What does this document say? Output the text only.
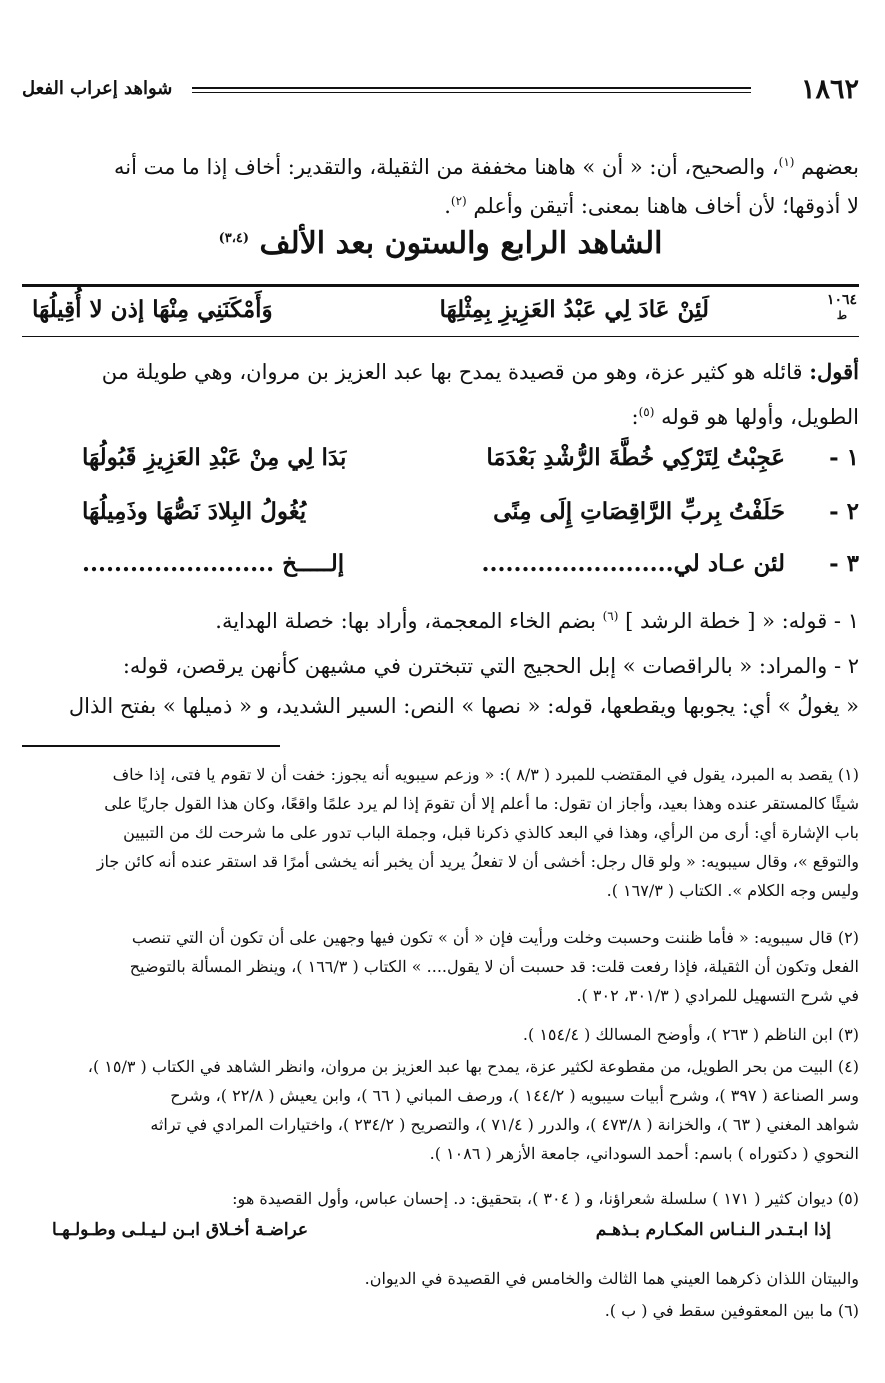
١٨٦٢
شواهد إعراب الفعل
بعضهم $^{(١)}$، والصحيح، أن: « أن » هاهنا مخففة من الثقيلة، والتقدير: أخاف إذا ما مت أنه
لا أذوقها؛ لأن أخاف هاهنا بمعنى: أتيقن وأعلم $^{(٢)}$.
الشاهد الرابع والستون بعد الألف $^{(٣،٤)}$
١٠٦٤
ط
لَئِنْ عَادَ لِي عَبْدُ العَزِيزِ بِمِثْلِهَا
وَأَمْكَنَنِي مِنْهَا إذن لا أُقِيلُهَا
أقول: قائله هو كثير عزة، وهو من قصيدة يمدح بها عبد العزيز بن مروان، وهي طويلة من
الطويل، وأولها هو قوله $^{(٥)}$:
١ -
عَجِبْتُ لِتَرْكِي خُطَّةَ الرُّشْدِ بَعْدَمَا
بَدَا لِي مِنْ عَبْدِ العَزِيزِ قَبُولُهَا
٢ -
حَلَفْتُ بِربِّ الرَّاقِصَاتِ إِلَى مِنًى
يُغُولُ البِلادَ نَصُّهَا وذَمِيلُهَا
٣ -
لئن عـاد لي........................
إلـــــخ ........................
١ - قوله: « [ خطة الرشد ] $^{(٦)}$ بضم الخاء المعجمة، وأراد بها: خصلة الهداية.
٢ - والمراد: « بالراقصات » إبل الحجيج التي تتبخترن في مشيهن كأنهن يرقصن، قوله:
« يغولُ » أي: يجوبها ويقطعها، قوله: « نصها » النص: السير الشديد، و « ذميلها » بفتح الذال
(١) يقصد به المبرد، يقول في المقتضب للمبرد ( ٨/٣ ): « وزعم سيبويه أنه يجوز: خفت أن لا تقوم يا فتى، إذا خاف
شيئًا كالمستقر عنده وهذا بعيد، وأجاز ان تقول: ما أعلم إلا أن تقومَ إذا لم يرد علمًا واقعًا، وكان هذا القول جاريًا على
باب الإشارة أي: أرى من الرأي، وهذا في البعد كالذي ذكرنا قبل، وجملة الباب تدور على ما شرحت لك من التبيين
والتوقع »، وقال سيبويه: « ولو قال رجل: أخشى أن لا تفعلُ يريد أن يخبر أنه يخشى أمرًا قد استقر عنده أنه كائن جاز
وليس وجه الكلام ». الكتاب ( ١٦٧/٣ ).
(٢) قال سيبويه: « فأما ظننت وحسبت وخلت ورأيت فإن « أن » تكون فيها وجهين على أن تكون أن التي تنصب
الفعل وتكون أن الثقيلة، فإذا رفعت قلت: قد حسبت أن لا يقول.... » الكتاب ( ١٦٦/٣ )، وينظر المسألة بالتوضيح
في شرح التسهيل للمرادي ( ٣٠١/٣، ٣٠٢ ).
(٣) ابن الناظم ( ٢٦٣ )، وأوضح المسالك ( ١٥٤/٤ ).
(٤) البيت من بحر الطويل، من مقطوعة لكثير عزة، يمدح بها عبد العزيز بن مروان، وانظر الشاهد في الكتاب ( ١٥/٣ )،
وسر الصناعة ( ٣٩٧ )، وشرح أبيات سيبويه ( ١٤٤/٢ )، ورصف المباني ( ٦٦ )، وابن يعيش ( ٢٢/٨ )، وشرح
شواهد المغني ( ٦٣ )، والخزانة ( ٤٧٣/٨ )، والدرر ( ٧١/٤ )، والتصريح ( ٢٣٤/٢ )، واختيارات المرادي في تراثه
النحوي ( دكتوراه ) باسم: أحمد السوداني، جامعة الأزهر ( ١٠٨٦ ).
(٥) ديوان كثير ( ١٧١ ) سلسلة شعراؤنا، و ( ٣٠٤ )، بتحقيق: د. إحسان عباس، وأول القصيدة هو:
إذا ابـتـدر الـنـاس المكـارم بـذهـم
عراضـة أخـلاق ابـن لـيـلـى وطـولـهـا
والبيتان اللذان ذكرهما العيني هما الثالث والخامس في القصيدة في الديوان.
(٦) ما بين المعقوفين سقط في ( ب ).
